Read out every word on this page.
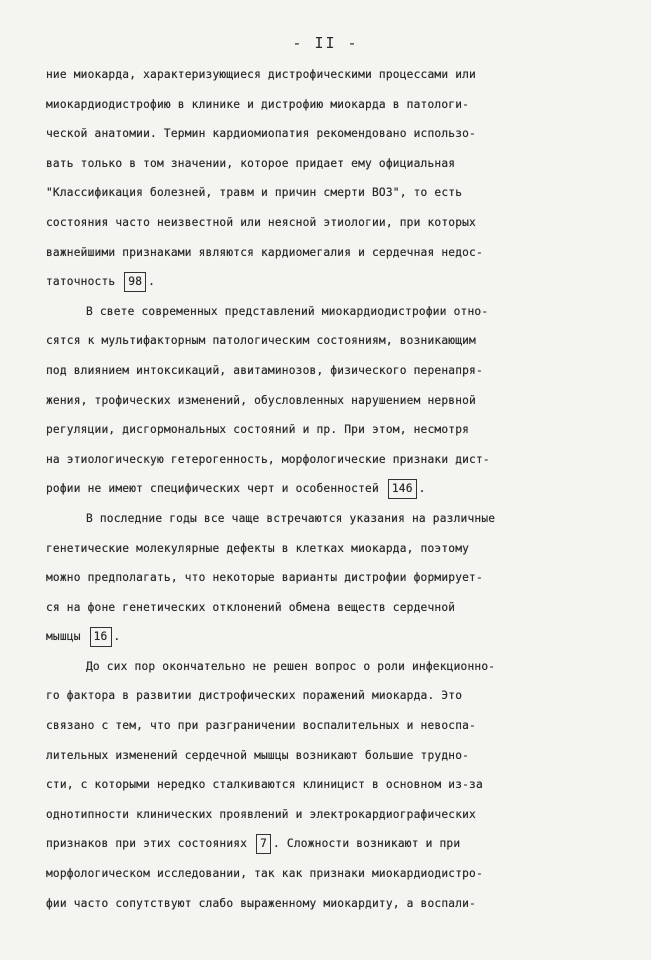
- II -
ние миокарда, характеризующиеся дистрофическими процессами или
миокардиодистрофию в клинике и дистрофию миокарда в патологи-
ческой анатомии. Термин кардиомиопатия рекомендовано использо-
вать только в том значении, которое придает ему официальная
"Классификация болезней, травм и причин смерти ВОЗ", то есть
состояния часто неизвестной или неясной этиологии, при которых
важнейшими признаками являются кардиомегалия и сердечная недос-
таточность 98 .
В свете современных представлений миокардиодистрофии отно-
сятся к мультифакторным патологическим состояниям, возникающим
под влиянием интоксикаций, авитаминозов, физического перенапря-
жения, трофических изменений, обусловленных нарушением нервной
регуляции, дисгормональных состояний и пр. При этом, несмотря
на этиологическую гетерогенность, морфологические признаки дист-
рофии не имеют специфических черт и особенностей 146 .
В последние годы все чаще встречаются указания на различные
генетические молекулярные дефекты в клетках миокарда, поэтому
можно предполагать, что некоторые варианты дистрофии формирует-
ся на фоне генетических отклонений обмена веществ сердечной
мышцы 16 .
До сих пор окончательно не решен вопрос о роли инфекционно-
го фактора в развитии дистрофических поражений миокарда. Это
связано с тем, что при разграничении воспалительных и невоспа-
лительных изменений сердечной мышцы возникают большие трудно-
сти, с которыми нередко сталкиваются клиницист в основном из-за
однотипности клинических проявлений и электрокардиографических
признаков при этих состояниях 7 . Сложности возникают и при
морфологическом исследовании, так как признаки миокардиодистро-
фии часто сопутствуют слабо выраженному миокардиту, а воспали-
